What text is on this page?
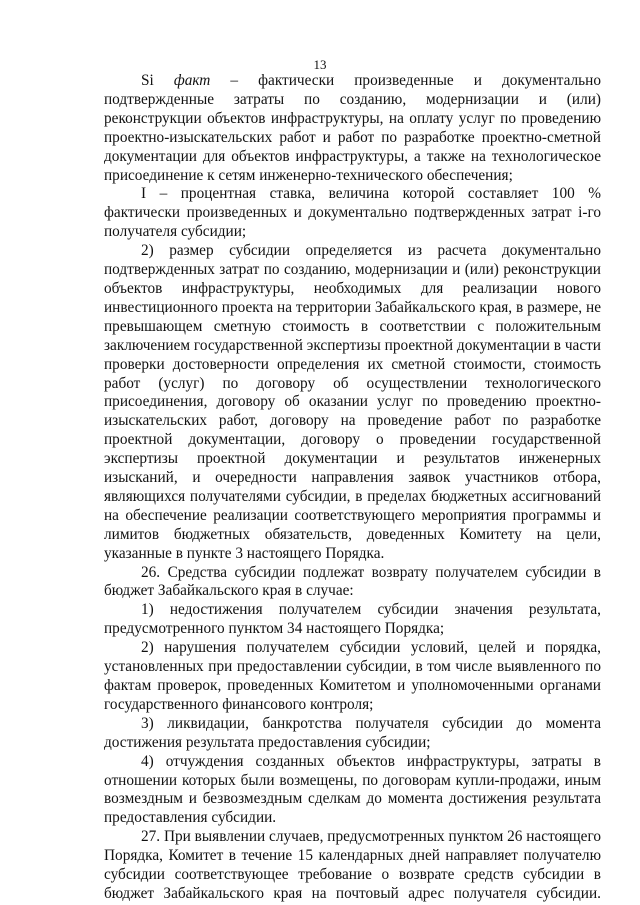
13

Si факт – фактически произведенные и документально подтвержденные затраты по созданию, модернизации и (или) реконструкции объектов инфраструктуры, на оплату услуг по проведению проектно-изыскательских работ и работ по разработке проектно-сметной документации для объектов инфраструктуры, а также на технологическое присоединение к сетям инженерно-технического обеспечения;

I – процентная ставка, величина которой составляет 100 % фактически произведенных и документально подтвержденных затрат i-го получателя субсидии;

2) размер субсидии определяется из расчета документально подтвержденных затрат по созданию, модернизации и (или) реконструкции объектов инфраструктуры, необходимых для реализации нового инвестиционного проекта на территории Забайкальского края, в размере, не превышающем сметную стоимость в соответствии с положительным заключением государственной экспертизы проектной документации в части проверки достоверности определения их сметной стоимости, стоимость работ (услуг) по договору об осуществлении технологического присоединения, договору об оказании услуг по проведению проектно-изыскательских работ, договору на проведение работ по разработке проектной документации, договору о проведении государственной экспертизы проектной документации и результатов инженерных изысканий, и очередности направления заявок участников отбора, являющихся получателями субсидии, в пределах бюджетных ассигнований на обеспечение реализации соответствующего мероприятия программы и лимитов бюджетных обязательств, доведенных Комитету на цели, указанные в пункте 3 настоящего Порядка.

26. Средства субсидии подлежат возврату получателем субсидии в бюджет Забайкальского края в случае:

1) недостижения получателем субсидии значения результата, предусмотренного пунктом 34 настоящего Порядка;

2) нарушения получателем субсидии условий, целей и порядка, установленных при предоставлении субсидии, в том числе выявленного по фактам проверок, проведенных Комитетом и уполномоченными органами государственного финансового контроля;

3) ликвидации, банкротства получателя субсидии до момента достижения результата предоставления субсидии;

4) отчуждения созданных объектов инфраструктуры, затраты в отношении которых были возмещены, по договорам купли-продажи, иным возмездным и безвозмездным сделкам до момента достижения результата предоставления субсидии.

27. При выявлении случаев, предусмотренных пунктом 26 настоящего Порядка, Комитет в течение 15 календарных дней направляет получателю субсидии соответствующее требование о возврате средств субсидии в бюджет Забайкальского края на почтовый адрес получателя субсидии.
